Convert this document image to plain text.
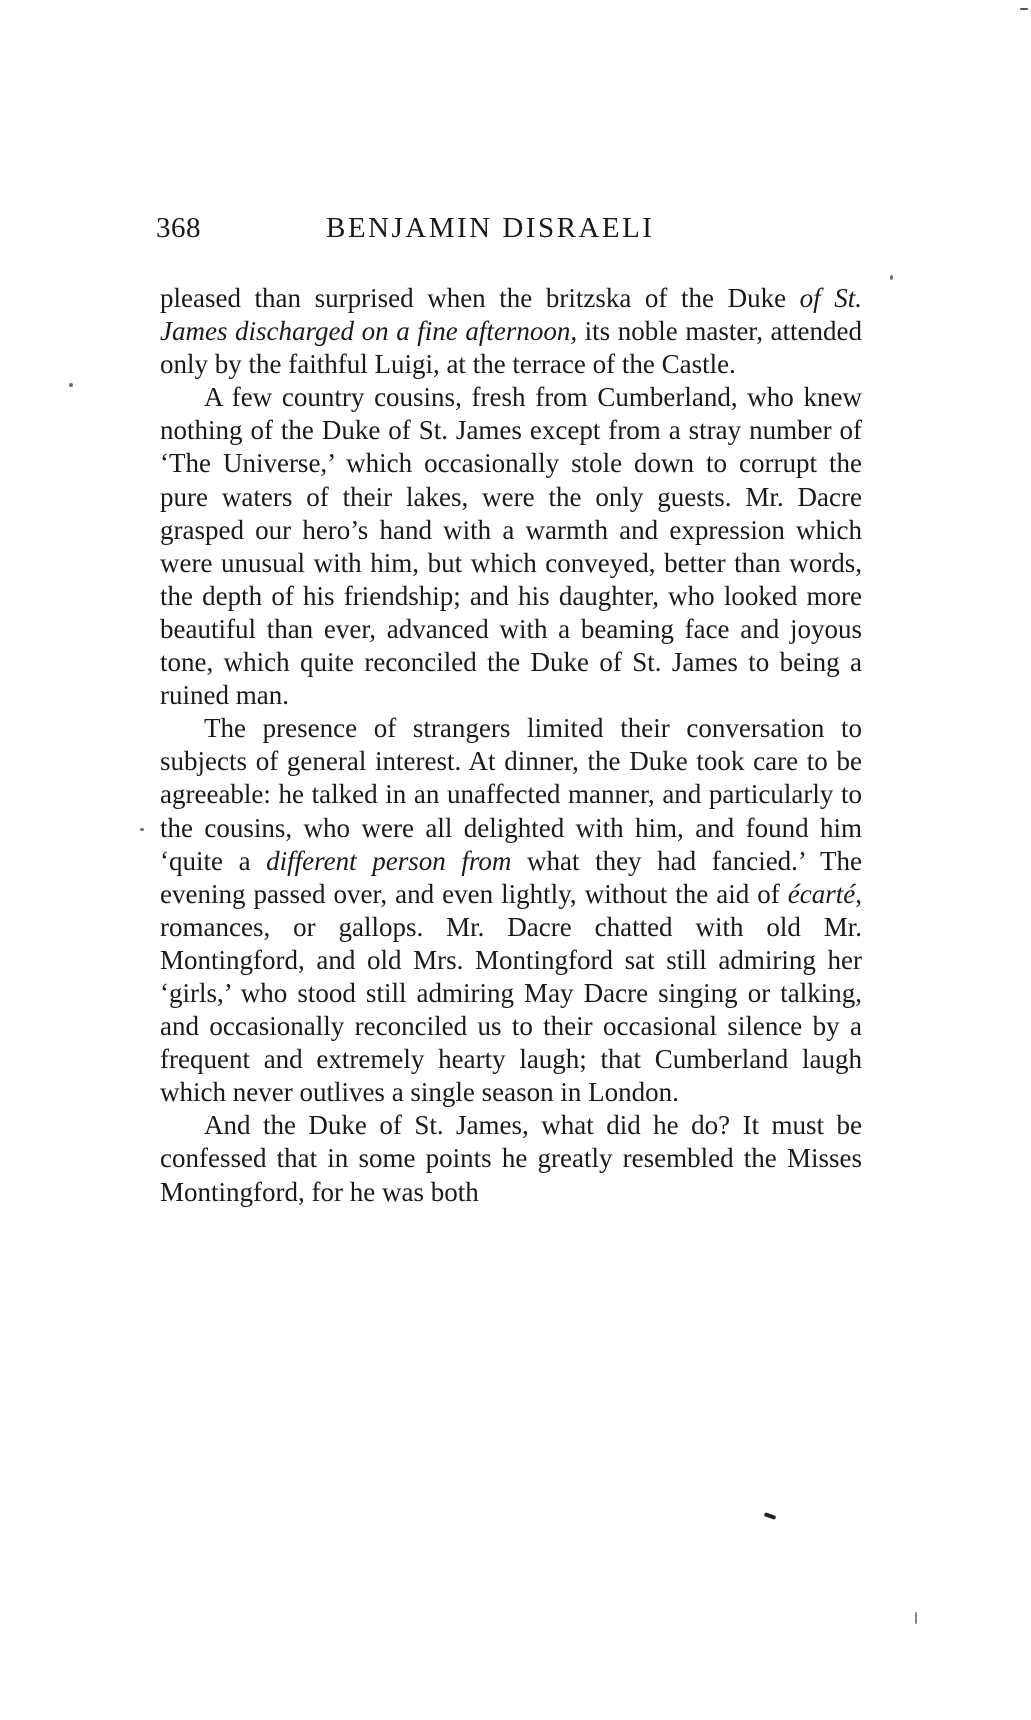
368	BENJAMIN DISRAELI

pleased than surprised when the britzska of the Duke of St. James discharged on a fine afternoon, its noble master, attended only by the faithful Luigi, at the terrace of the Castle.

A few country cousins, fresh from Cumberland, who knew nothing of the Duke of St. James except from a stray number of ‘The Universe,’ which occasionally stole down to corrupt the pure waters of their lakes, were the only guests. Mr. Dacre grasped our hero’s hand with a warmth and expression which were unusual with him, but which conveyed, better than words, the depth of his friendship; and his daughter, who looked more beautiful than ever, advanced with a beaming face and joyous tone, which quite reconciled the Duke of St. James to being a ruined man.

The presence of strangers limited their conversation to subjects of general interest. At dinner, the Duke took care to be agreeable: he talked in an unaffected manner, and particularly to the cousins, who were all delighted with him, and found him ‘quite a different person from what they had fancied.’ The evening passed over, and even lightly, without the aid of écarté, romances, or gallops. Mr. Dacre chatted with old Mr. Montingford, and old Mrs. Montingford sat still admiring her ‘girls,’ who stood still admiring May Dacre singing or talking, and occasionally reconciled us to their occasional silence by a frequent and extremely hearty laugh; that Cumberland laugh which never outlives a single season in London.

And the Duke of St. James, what did he do? It must be confessed that in some points he greatly resembled the Misses Montingford, for he was both
